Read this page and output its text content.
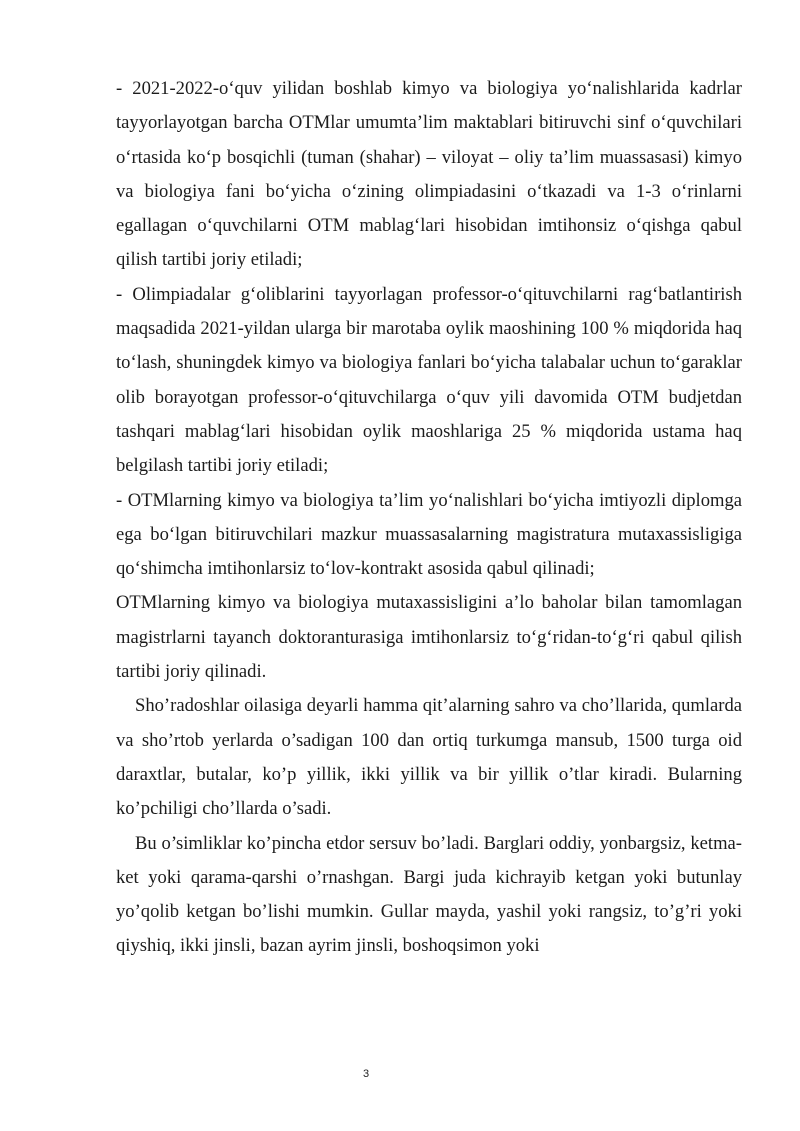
- 2021-2022-o‘quv yilidan boshlab kimyo va biologiya yo‘nalishlarida kadrlar tayyorlayotgan barcha OTMlar umumta’lim maktablari bitiruvchi sinf o‘quvchilari o‘rtasida ko‘p bosqichli (tuman (shahar) – viloyat – oliy ta’lim muassasasi) kimyo va biologiya fani bo‘yicha o‘zining olimpiadasini o‘tkazadi va 1-3 o‘rinlarni egallagan o‘quvchilarni OTM mablag‘lari hisobidan imtihonsiz o‘qishga qabul qilish tartibi joriy etiladi;

- Olimpiadalar g‘oliblarini tayyorlagan professor-o‘qituvchilarni rag‘batlantirish maqsadida 2021-yildan ularga bir marotaba oylik maoshining 100 % miqdorida haq to‘lash, shuningdek kimyo va biologiya fanlari bo‘yicha talabalar uchun to‘garaklar olib borayotgan professor-o‘qituvchilarga o‘quv yili davomida OTM budjetdan tashqari mablag‘lari hisobidan oylik maoshlariga 25 % miqdorida ustama haq belgilash tartibi joriy etiladi;

- OTMlarning kimyo va biologiya ta’lim yo‘nalishlari bo‘yicha imtiyozli diplomga ega bo‘lgan bitiruvchilari mazkur muassasalarning magistratura mutaxassisligiga qo‘shimcha imtihonlarsiz to‘lov-kontrakt asosida qabul qilinadi;

OTMlarning kimyo va biologiya mutaxassisligini a’lo baholar bilan tamomlagan magistrlarni tayanch doktoranturasiga imtihonlarsiz to‘g‘ridan-to‘g‘ri qabul qilish tartibi joriy qilinadi.

Sho’radoshlar oilasiga deyarli hamma qit’alarning sahro va cho’llarida, qumlarda va sho’rtob yerlarda o’sadigan 100 dan ortiq turkumga mansub, 1500 turga oid daraxtlar, butalar, ko’p yillik, ikki yillik va bir yillik o’tlar kiradi. Bularning ko’pchiligi cho’llarda o’sadi.

Bu o’simliklar ko’pincha etdor sersuv bo’ladi. Barglari oddiy, yonbargsiz, ketma-ket yoki qarama-qarshi o’rnashgan. Bargi juda kichrayib ketgan yoki butunlay yo’qolib ketgan bo’lishi mumkin. Gullar mayda, yashil yoki rangsiz, to’g’ri yoki qiyshiq, ikki jinsli, bazan ayrim jinsli, boshoqsimon yoki

3
